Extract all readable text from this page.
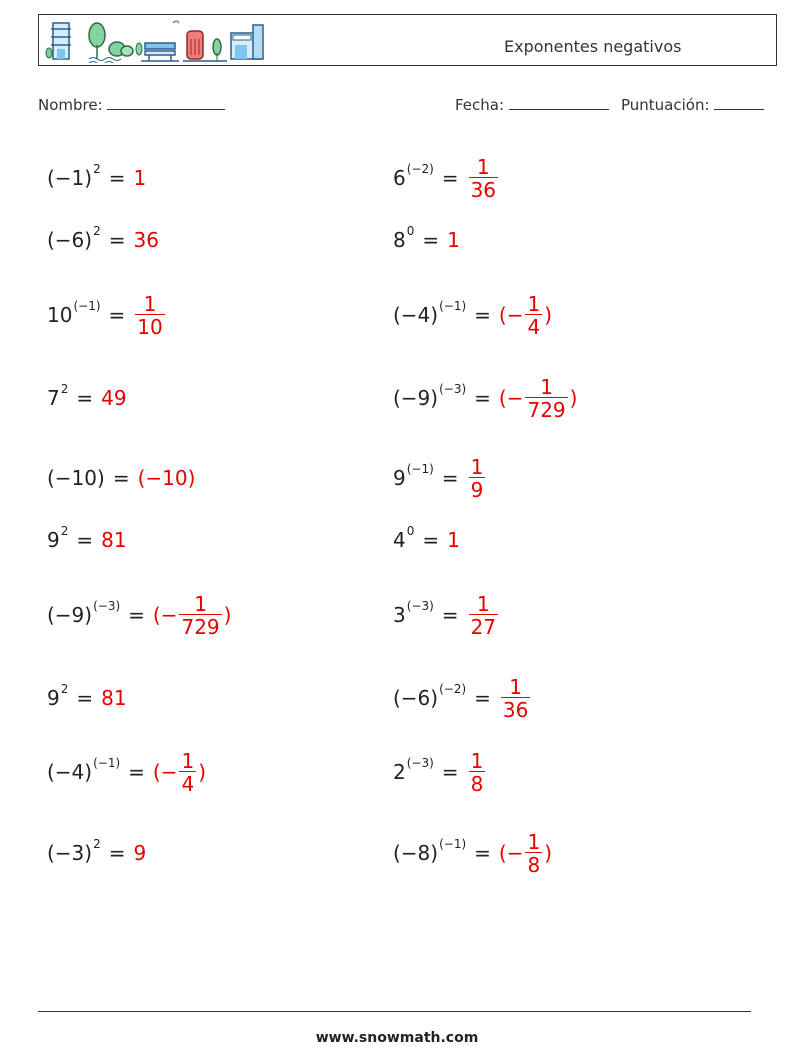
Exponentes negativos
Nombre:	Fecha:	Puntuación:
(−1) 2 = 1	6 $(-2) = \frac{1}{36}$
(−6) 2 = 36	8 0 = 1
10 $(-1) = \frac{1}{10}$	(−4) (−1) = (− $\frac{1}{4}$ )
7 2 = 49	(−9) (−3) = (− $\frac{1}{729}$ )
(−10) = (−10)	9 $(-1) = \frac{1}{9}$
9 2 = 81	4 0 = 1
(−9) (−3) = (− $\frac{1}{729}$ )	3 $(-3) = \frac{1}{27}$
9 2 = 81	(−6) $(-2) = \frac{1}{36}$
(−4) (−1) = (− $\frac{1}{4}$ )	2 $(-3) = \frac{1}{8}$
(−3) 2 = 9	(−8) (−1) = (− $\frac{1}{8}$ )
www.snowmath.com
